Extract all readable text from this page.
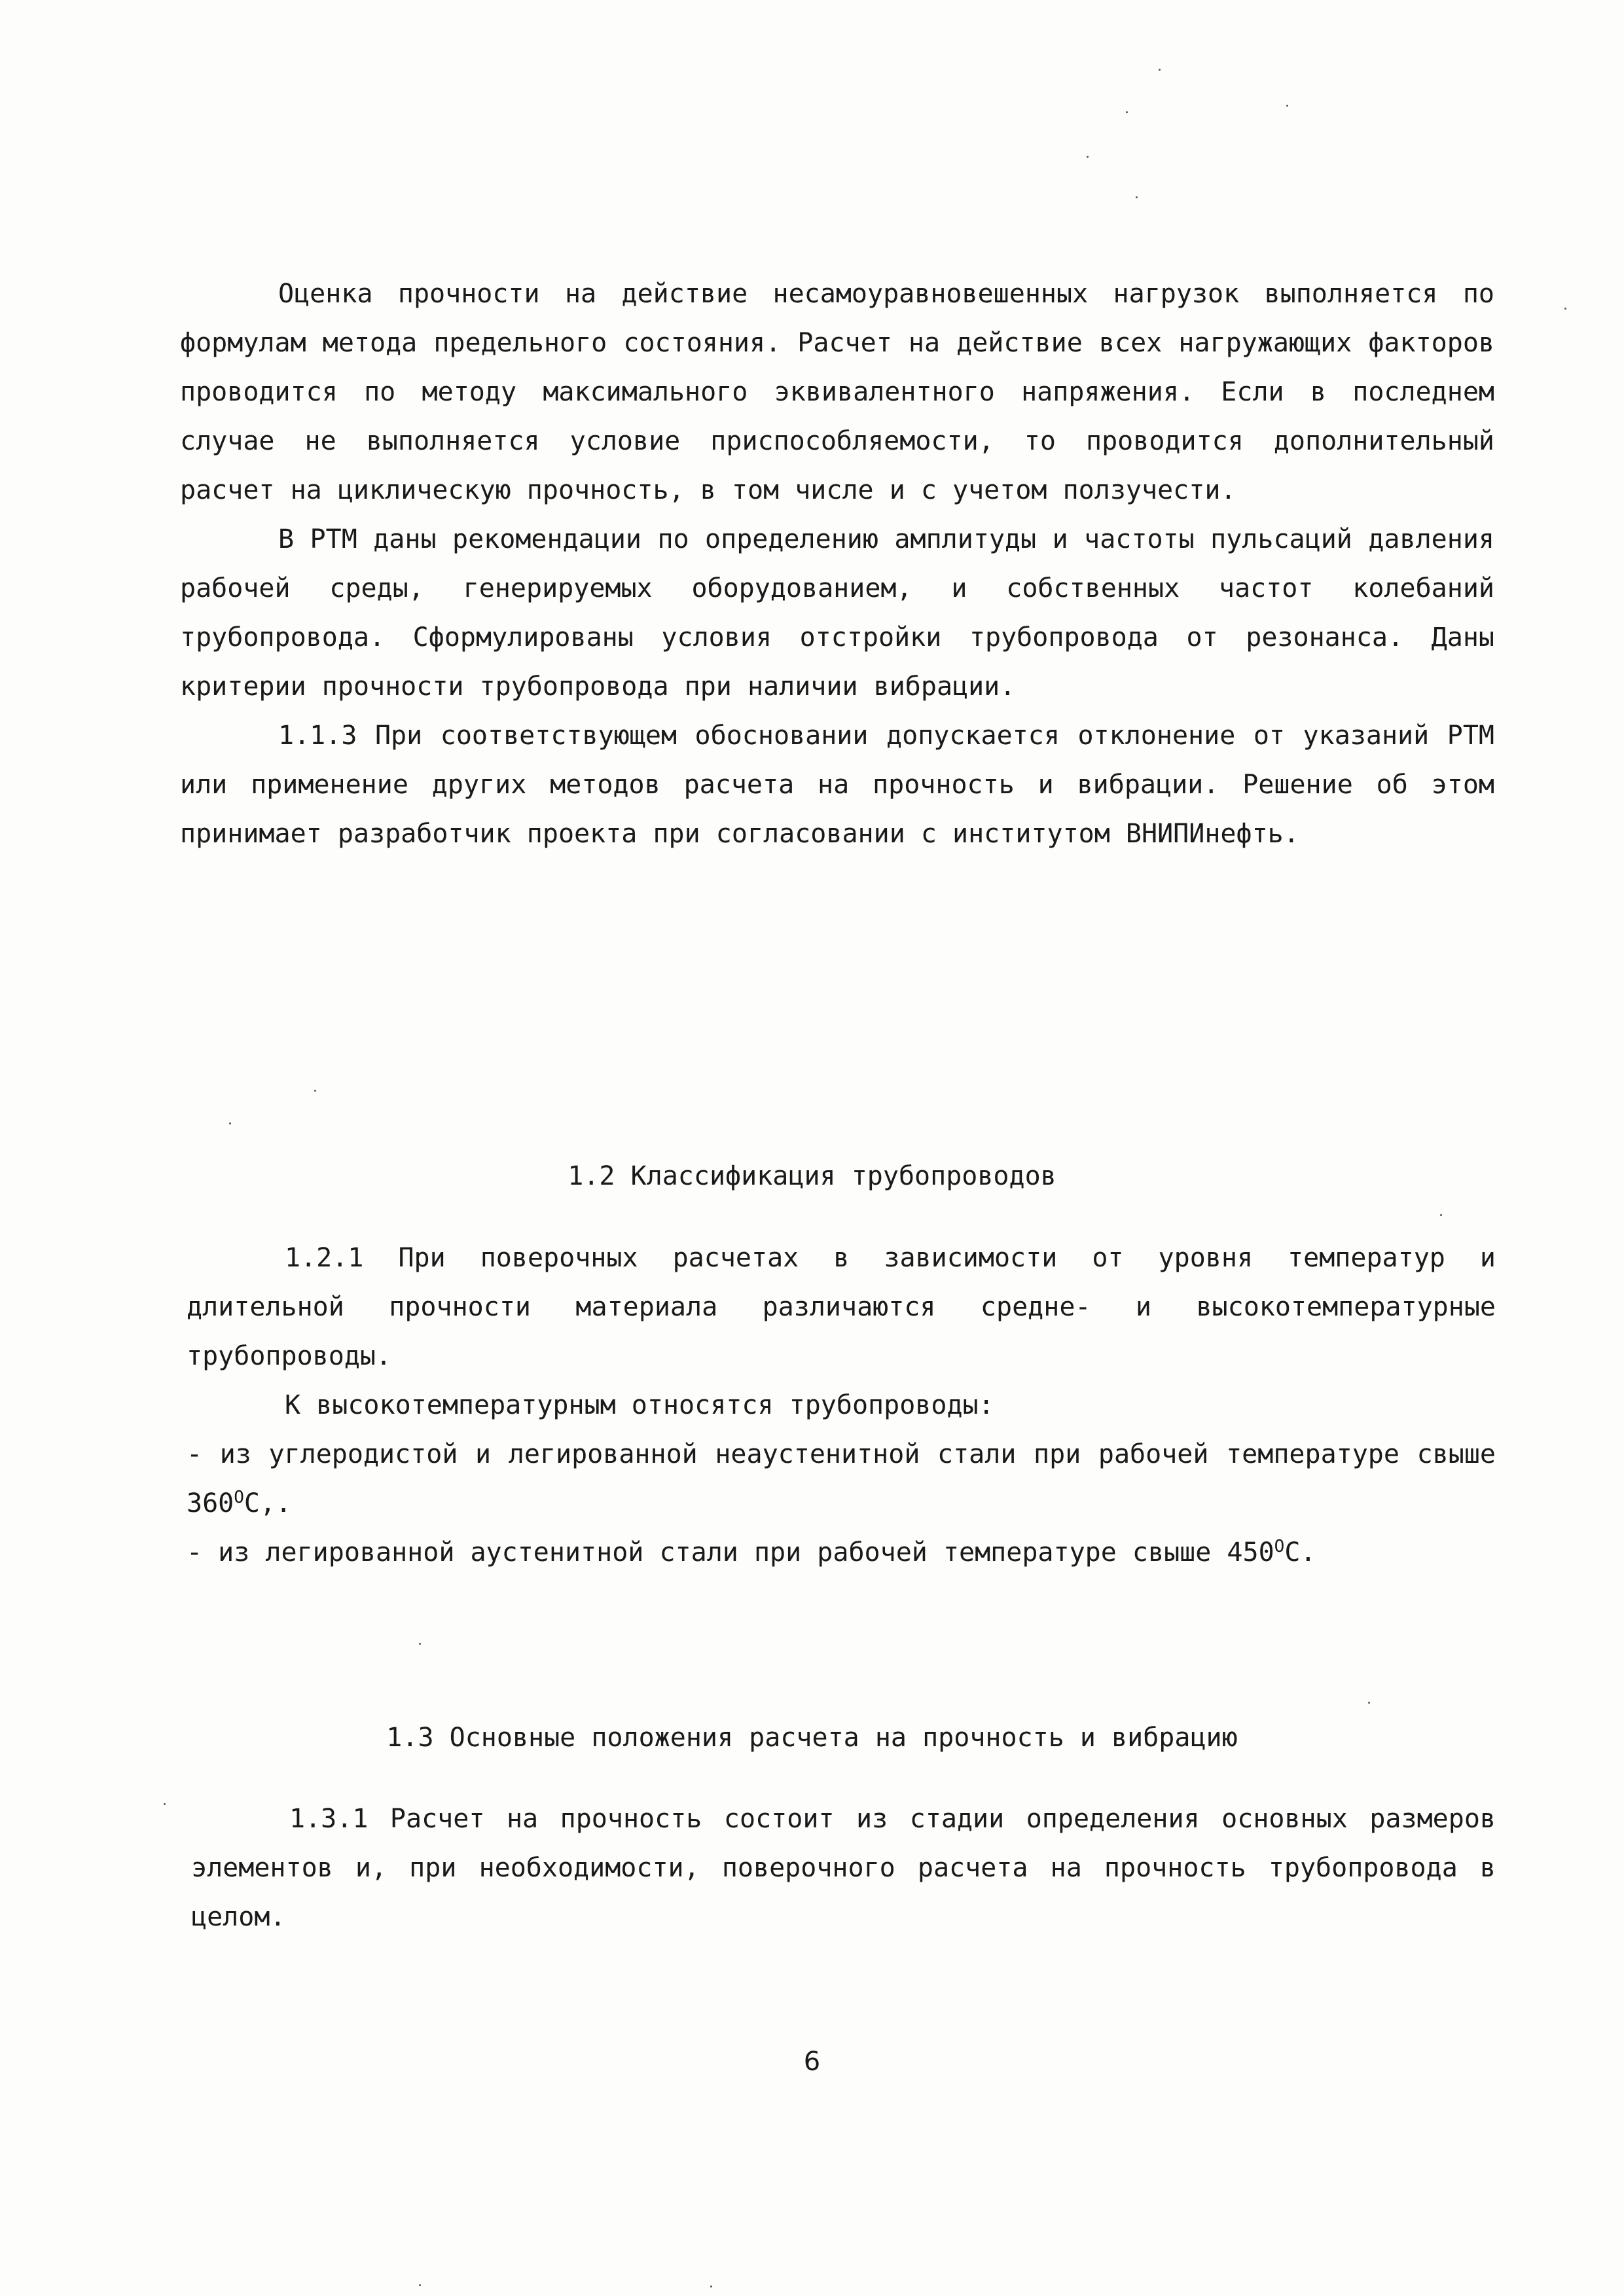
Оценка прочности на действие несамоуравновешенных нагрузок выполняется по формулам метода предельного состояния. Расчет на действие всех нагружающих факторов проводится по методу максимального эквивалентного напряжения. Если в последнем случае не выполняется условие приспособляемости, то проводится дополнительный расчет на циклическую прочность, в том числе и с учетом ползучести.

В РТМ даны рекомендации по определению амплитуды и частоты пульсаций давления рабочей среды, генерируемых оборудованием, и собственных частот колебаний трубопровода. Сформулированы условия отстройки трубопровода от резонанса. Даны критерии прочности трубопровода при наличии вибрации.

1.1.3 При соответствующем обосновании допускается отклонение от указаний РТМ или применение других методов расчета на прочность и вибрации. Решение об этом принимает разработчик проекта при согласовании с институтом ВНИПИнефть.

1.2 Классификация трубопроводов

1.2.1 При поверочных расчетах в зависимости от уровня температур и длительной прочности материала различаются средне- и высокотемпературные трубопроводы.

К высокотемпературным относятся трубопроводы:

- из углеродистой и легированной неаустенитной стали при рабочей температуре свыше $360^ОС$,.

- из легированной аустенитной стали при рабочей температуре свыше $450^ОС$.

1.3 Основные положения расчета на прочность и вибрацию

1.3.1 Расчет на прочность состоит из стадии определения основных размеров элементов и, при необходимости, поверочного расчета на прочность трубопровода в целом.

6
